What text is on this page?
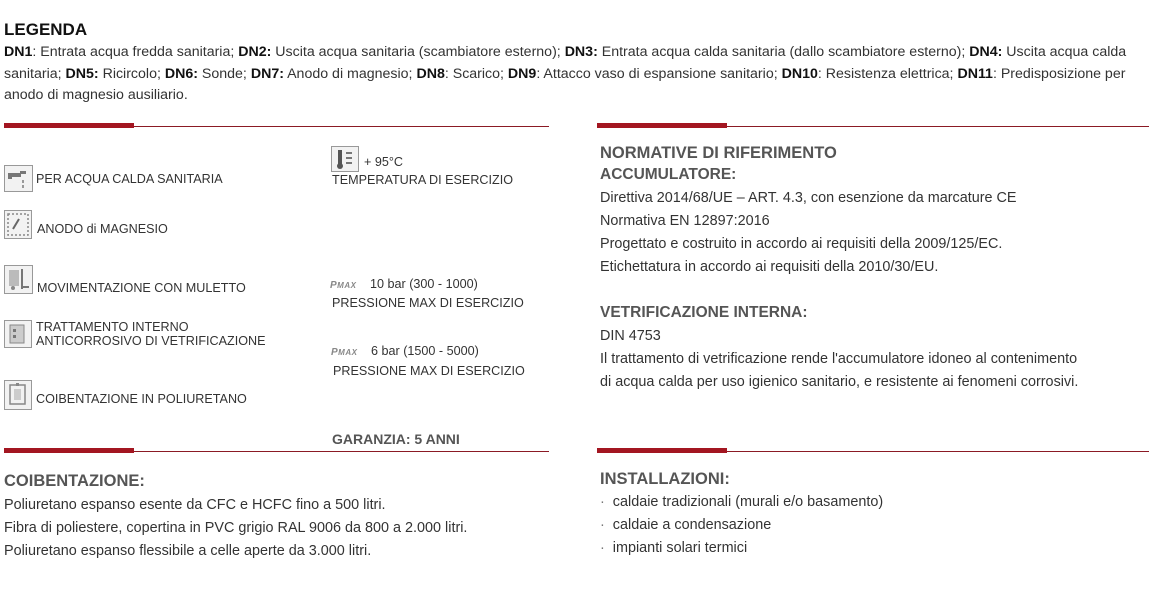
LEGENDA
DN1: Entrata acqua fredda sanitaria; DN2: Uscita acqua sanitaria (scambiatore esterno); DN3: Entrata acqua calda sanitaria (dallo scambiatore esterno); DN4: Uscita acqua calda sanitaria; DN5: Ricircolo; DN6: Sonde; DN7: Anodo di magnesio; DN8: Scarico; DN9: Attacco vaso di espansione sanitario; DN10: Resistenza elettrica; DN11: Predisposizione per anodo di magnesio ausiliario.
PER ACQUA CALDA SANITARIA
ANODO di MAGNESIO
MOVIMENTAZIONE CON MULETTO
TRATTAMENTO INTERNO
ANTICORROSIVO DI VETRIFICAZIONE
COIBENTAZIONE IN POLIURETANO
+ 95°C
TEMPERATURA DI ESERCIZIO
PMAX 10 bar (300 - 1000)
PRESSIONE MAX DI ESERCIZIO
PMAX 6 bar (1500 - 5000)
PRESSIONE MAX DI ESERCIZIO
GARANZIA: 5 ANNI
NORMATIVE DI RIFERIMENTO
ACCUMULATORE:
Direttiva 2014/68/UE – ART. 4.3, con esenzione da marcature CE
Normativa EN 12897:2016
Progettato e costruito in accordo ai requisiti della 2009/125/EC.
Etichettatura in accordo ai requisiti della 2010/30/EU.
VETRIFICAZIONE INTERNA:
DIN 4753
Il trattamento di vetrificazione rende l'accumulatore idoneo al contenimento
di acqua calda per uso igienico sanitario, e resistente ai fenomeni corrosivi.
COIBENTAZIONE:
Poliuretano espanso esente da CFC e HCFC fino a 500 litri.
Fibra di poliestere, copertina in PVC grigio RAL 9006 da 800 a 2.000 litri.
Poliuretano espanso flessibile a celle aperte da 3.000 litri.
INSTALLAZIONI:
· caldaie tradizionali (murali e/o basamento)
· caldaie a condensazione
· impianti solari termici
